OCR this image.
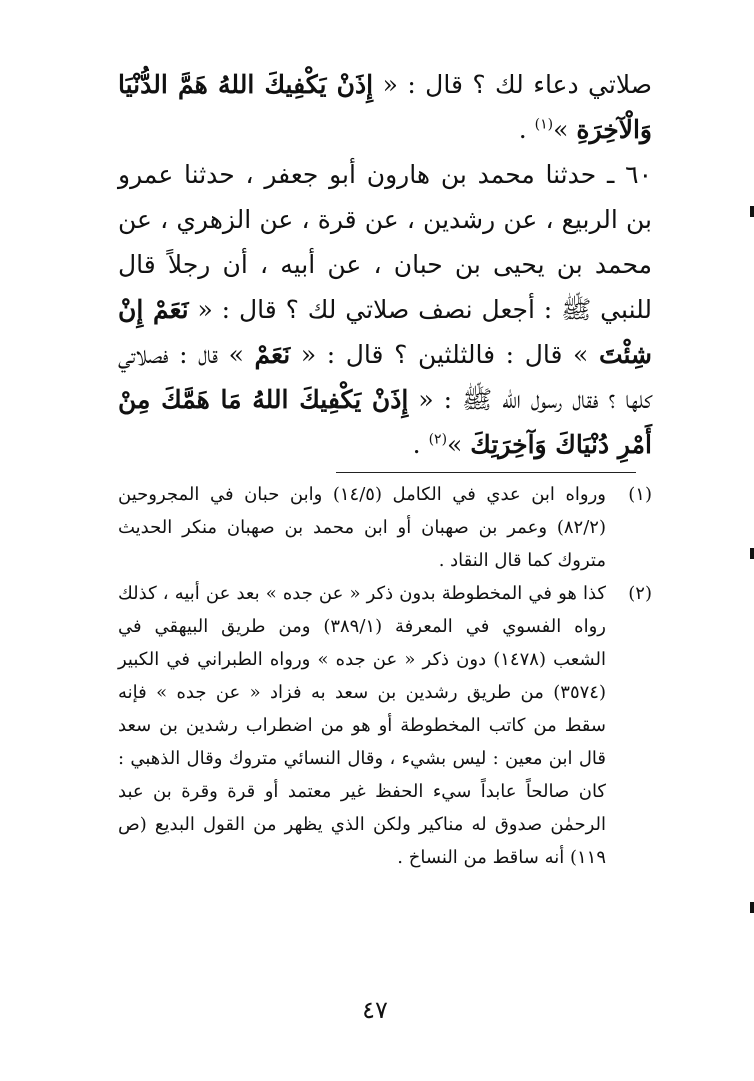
صلاتي دعاء لك ؟ قال : « إِذَنْ يَكْفِيكَ اللهُ هَمَّ الدُّنْيَا وَالْآخِرَةِ »$^{(١)}$ .

٦٠ ـ حدثنا محمد بن هارون أبو جعفر ، حدثنا عمرو بن الربيع ، عن رشدين ، عن قرة ، عن الزهري ، عن محمد بن يحيى بن حبان ، عن أبيه ، أن رجلاً قال للنبي ﷺ : أجعل نصف صلاتي لك ؟ قال : « نَعَمْ إِنْ شِئْتَ » قال : فالثلثين ؟ قال : « نَعَمْ » قال : فصلاتي كلها ؟ فقال رسول الله ﷺ : « إِذَنْ يَكْفِيكَ اللهُ مَا هَمَّكَ مِنْ أَمْرِ دُنْيَاكَ وَآخِرَتِكَ »$^{(٢)}$ .

(١)
ورواه ابن عدي في الكامل (١٤/٥) وابن حبان في المجروحين (٨٢/٢) وعمر بن صهبان أو ابن محمد بن صهبان منكر الحديث متروك كما قال النقاد .
(٢)
كذا هو في المخطوطة بدون ذكر « عن جده » بعد عن أبيه ، كذلك رواه الفسوي في المعرفة (٣٨٩/١) ومن طريق البيهقي في الشعب (١٤٧٨) دون ذكر « عن جده » ورواه الطبراني في الكبير (٣٥٧٤) من طريق رشدين بن سعد به فزاد « عن جده » فإنه سقط من كاتب المخطوطة أو هو من اضطراب رشدين بن سعد قال ابن معين : ليس بشيء ، وقال النسائي متروك وقال الذهبي : كان صالحاً عابداً سيء الحفظ غير معتمد أو قرة وقرة بن عبد الرحمٰن صدوق له مناكير ولكن الذي يظهر من القول البديع (ص ١١٩) أنه ساقط من النساخ .
٤٧
